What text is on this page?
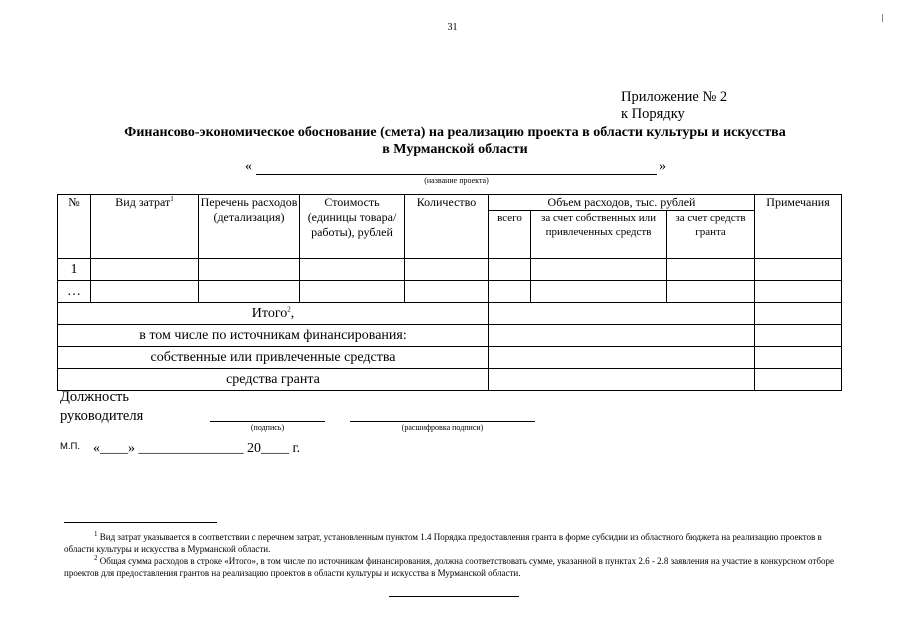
31
Приложение № 2
к Порядку
Финансово-экономическое обоснование (смета) на реализацию проекта в области культуры и искусства
в Мурманской области
«	»
(название проекта)
№	Вид затрат$^1$	Перечень расходов (детализация)	Стоимость (единицы товара/работы), рублей	Количество	Объем расходов, тыс. рублей			Примечания
					всего	за счет собственных или привлеченных средств	за счет средств гранта	
1								
…								
Итого$^2$,								
в том числе по источникам финансирования:								
собственные или привлеченные средства								
средства гранта								
Должность
руководителя
(подпись)	(расшифровка подписи)
М.П. «____» _______________ 20____ г.
$^1$ Вид затрат указывается в соответствии с перечнем затрат, установленным пунктом 1.4 Порядка предоставления гранта в форме субсидии из областного бюджета на реализацию проектов в области культуры и искусства в Мурманской области.
$^2$ Общая сумма расходов в строке «Итого», в том числе по источникам финансирования, должна соответствовать сумме, указанной в пунктах 2.6 - 2.8 заявления на участие в конкурсном отборе проектов для предоставления грантов на реализацию проектов в области культуры и искусства в Мурманской области.
